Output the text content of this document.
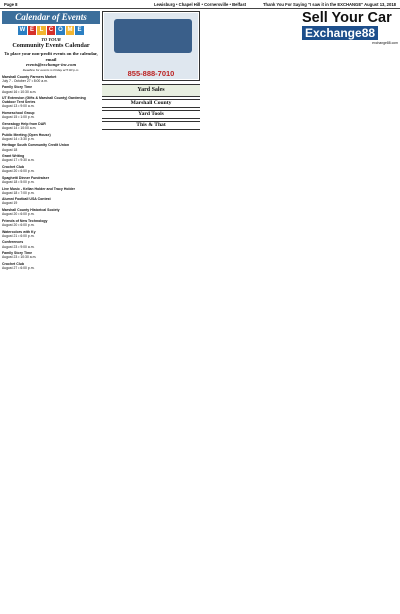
Page 8	Lewisburg • Chapel Hill • Cornersville • Belfast	Thank You For Saying "I saw it in the EXCHANGE" August 13, 2018
Calendar of Events
W E L C O M E
TO YOUR
Community Events Calendar
To place your non-profit events on the calendar, email
events@exchange-inc.com
Deadline for events is Friday at 5:00 p.m.
Marshall County Farmers Market
July 7 - October 27 • 8:00 a.m.
Family Story Time
August 16 • 10:30 a.m.
UT Extension (Gifts & Marshall County) Gardening Outdoor Tent Series
August 13 • 9:00 a.m.
Homeschool Group
August 15 • 1:00 p.m.
Genealogy Help from DAR
August 14 • 10:00 a.m.
Public Meeting (Open House)
August 14 • 3:30 p.m.
Heritage South Community Credit Union
August 18
Grant Writing
August 17 • 9:30 a.m.
Crochet Club
August 20 • 6:00 p.m.
Spaghetti Dinner Fundraiser
August 18 • 5:00 p.m.
Live Music - Kellan Holder and Tracy Holder
August 18 • 7:00 p.m.
Alumni Football USA Contest
August 19
Marshall County Historical Society
August 20 • 6:00 p.m.
Friends of New Technology
August 20 • 6:00 p.m.
Watercolors with Ky
August 21 • 6:00 p.m.
Conferences
August 23 • 9:00 a.m.
Family Story Time
August 23 • 10:30 a.m.
Crochet Club
August 27 • 6:00 p.m.
855-888-7010
Yard Sales
Marshall County
Yard Tools
This & That
Sell Your Car
Exchange88
exchange88.com
